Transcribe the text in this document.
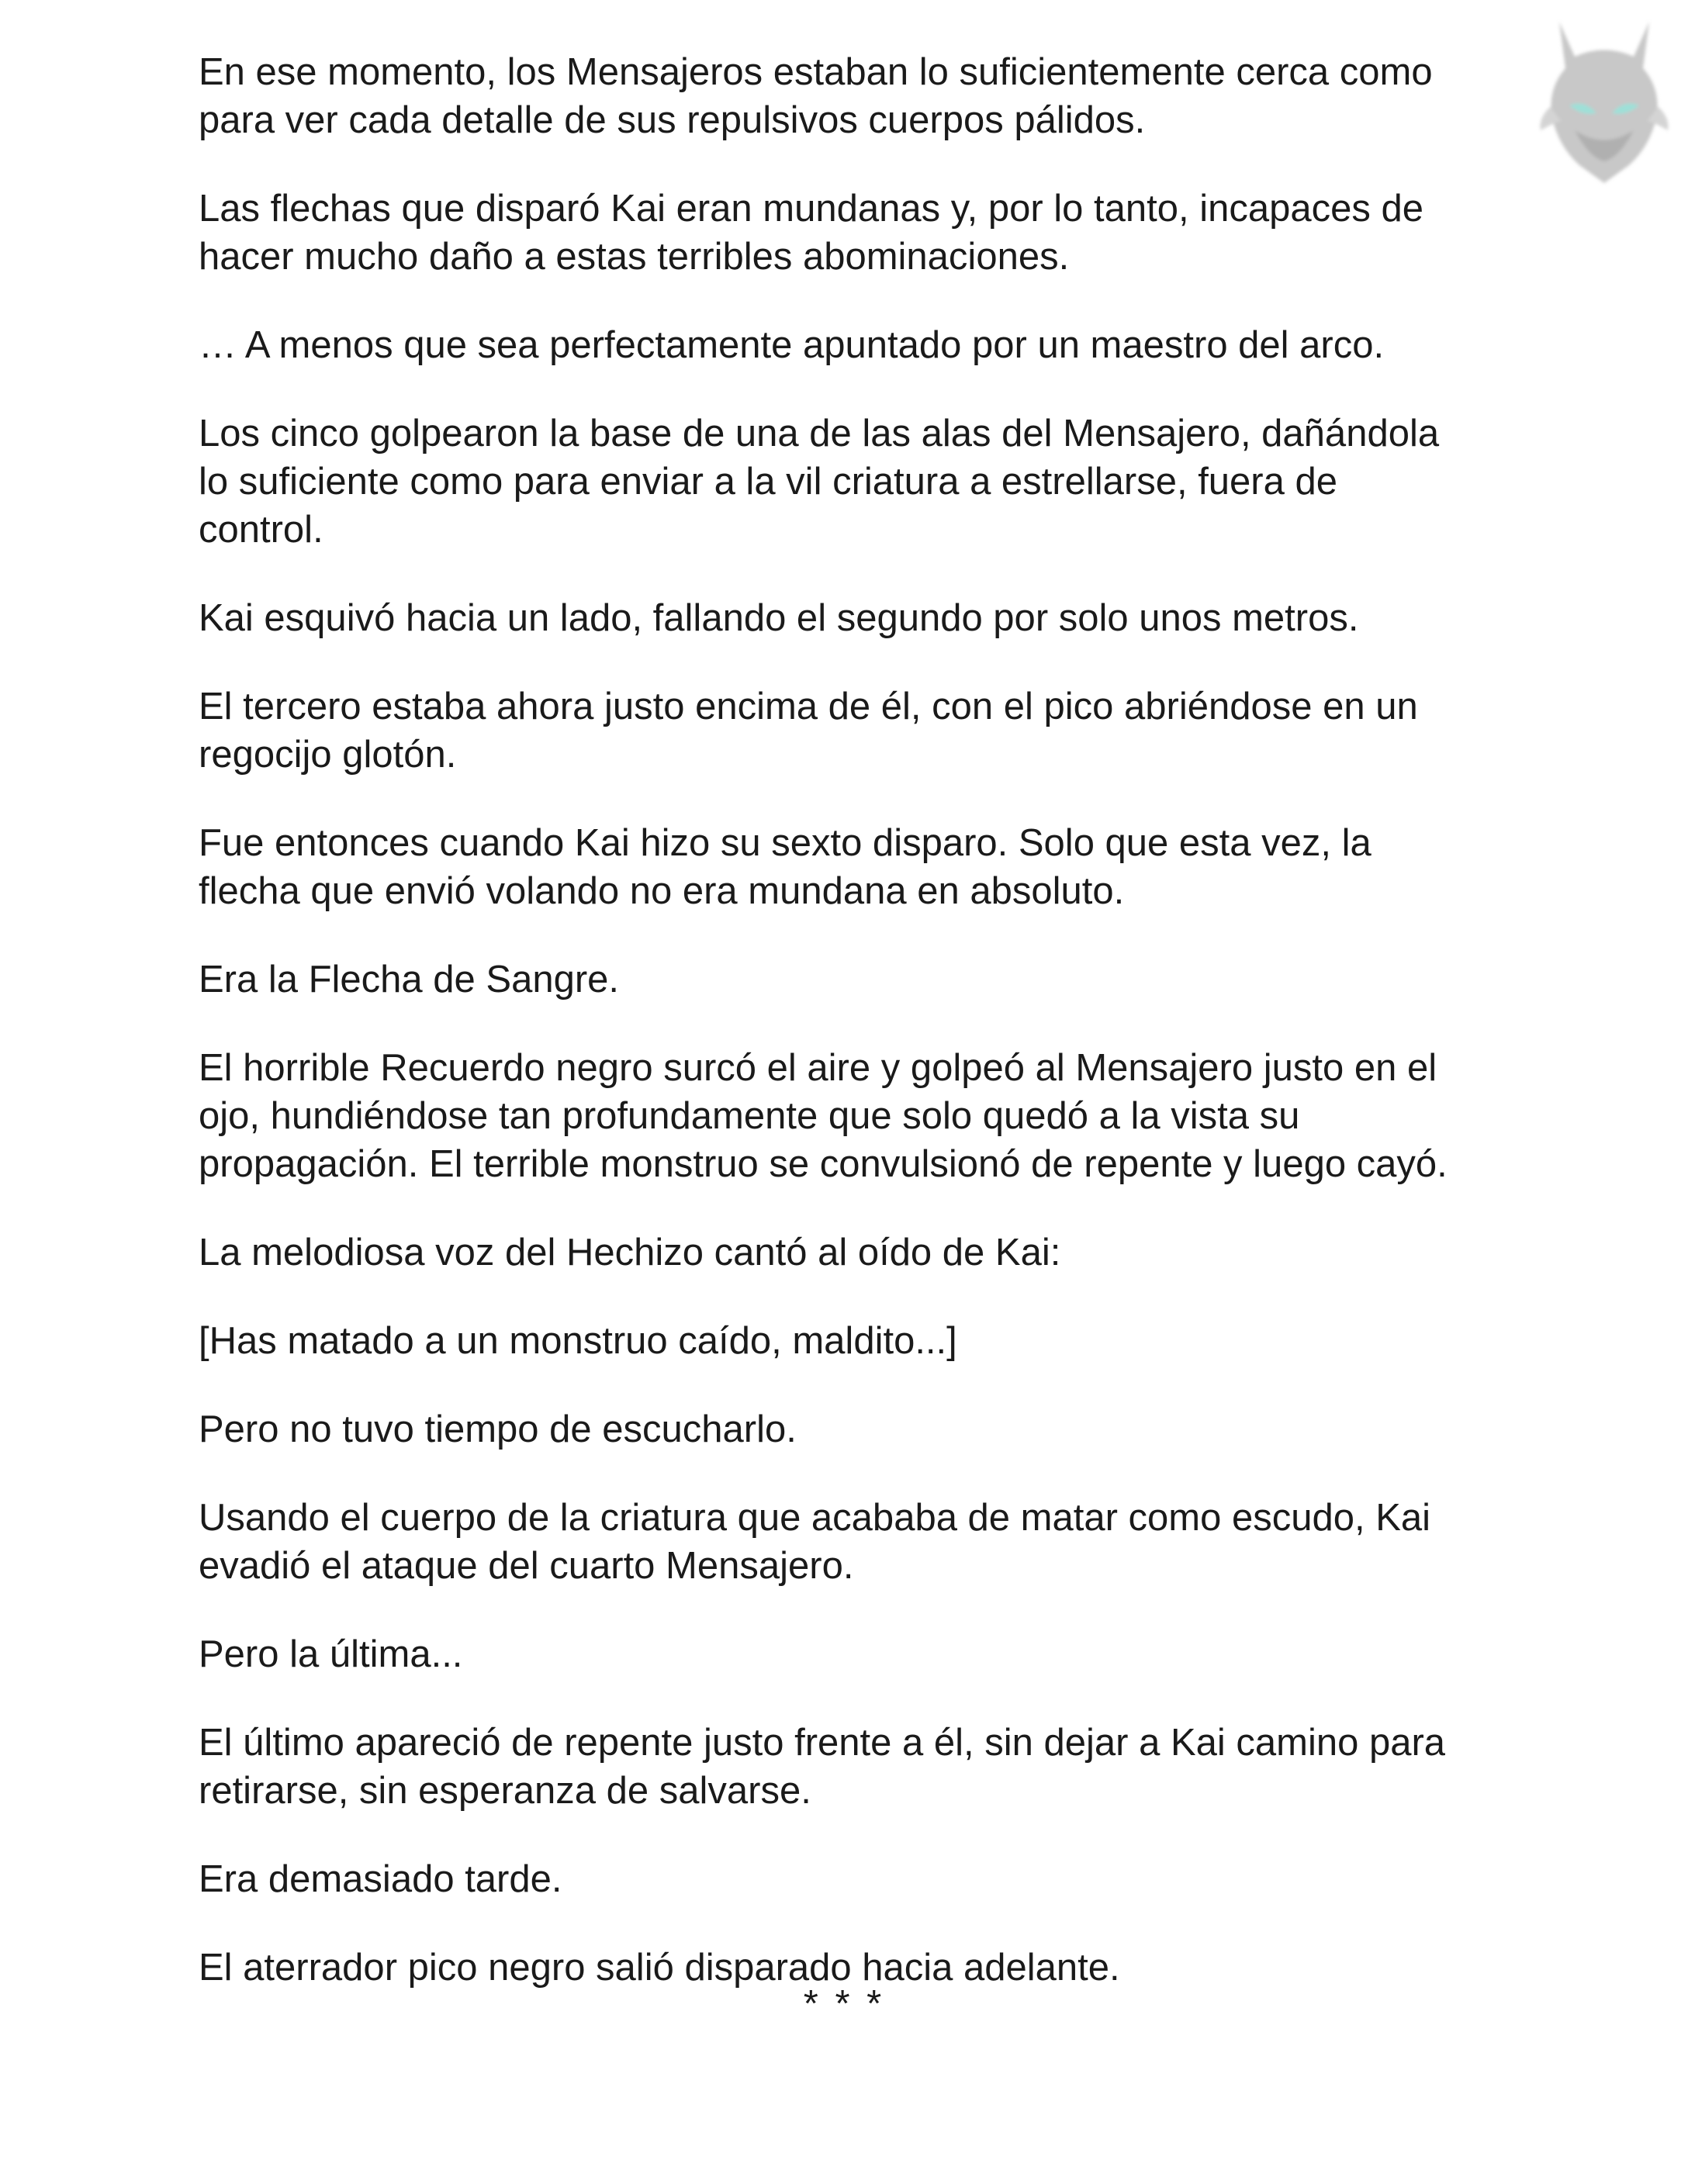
En ese momento, los Mensajeros estaban lo suficientemente cerca como para ver cada detalle de sus repulsivos cuerpos pálidos.

Las flechas que disparó Kai eran mundanas y, por lo tanto, incapaces de hacer mucho daño a estas terribles abominaciones.

… A menos que sea perfectamente apuntado por un maestro del arco.

Los cinco golpearon la base de una de las alas del Mensajero, dañándola lo suficiente como para enviar a la vil criatura a estrellarse, fuera de control.

Kai esquivó hacia un lado, fallando el segundo por solo unos metros.

El tercero estaba ahora justo encima de él, con el pico abriéndose en un regocijo glotón.

Fue entonces cuando Kai hizo su sexto disparo. Solo que esta vez, la flecha que envió volando no era mundana en absoluto.

Era la Flecha de Sangre.

El horrible Recuerdo negro surcó el aire y golpeó al Mensajero justo en el ojo, hundiéndose tan profundamente que solo quedó a la vista su propagación. El terrible monstruo se convulsionó de repente y luego cayó.

La melodiosa voz del Hechizo cantó al oído de Kai:

[Has matado a un monstruo caído, maldito...]

Pero no tuvo tiempo de escucharlo.

Usando el cuerpo de la criatura que acababa de matar como escudo, Kai evadió el ataque del cuarto Mensajero.

Pero la última...

El último apareció de repente justo frente a él, sin dejar a Kai camino para retirarse, sin esperanza de salvarse.

Era demasiado tarde.

El aterrador pico negro salió disparado hacia adelante.

* * *
